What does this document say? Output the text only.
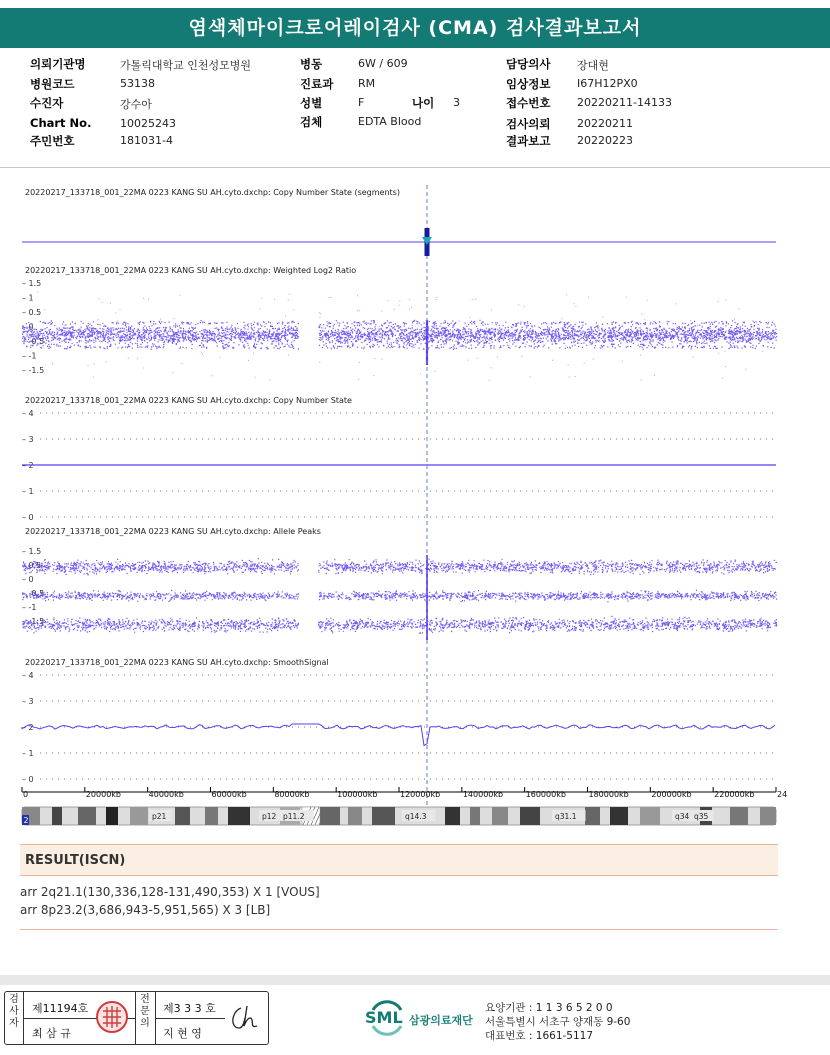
염색체마이크로어레이검사 (CMA) 검사결과보고서
의뢰기관명	가톨릭대학교 인천성모병원
병원코드	53138
수진자	강수아
Chart No.	10025243
주민번호	181031-4
병동	6W / 609
진료과 RM
성별	F	나이 3
검체	EDTA Blood
담당의사 장대현
임상정보 I67H12PX0
접수번호 20220211-14133
검사의뢰 20220211
결과보고 20220223
20220217_133718_001_22MA 0223 KANG SU AH.cyto.dxchp: Copy Number State (segments)
20220217_133718_001_22MA 0223 KANG SU AH.cyto.dxchp: Weighted Log2 Ratio
20220217_133718_001_22MA 0223 KANG SU AH.cyto.dxchp: Copy Number State
20220217_133718_001_22MA 0223 KANG SU AH.cyto.dxchp: Allele Peaks
20220217_133718_001_22MA 0223 KANG SU AH.cyto.dxchp: SmoothSignal
– 1.5
– 1
– 0.5
– 0
– -0.5
– -1
– -1.5
– 4
– 3
– 2
– 1
– 0
– 1.5
– 0.5
– 0
– -0.5
– -1
– -1.5
– 4
– 3
– 2
– 1
– 0
0	20000kb	40000kb	60000kb	80000kb	100000kb	120000kb	140000kb	160000kb	180000kb	200000kb	220000kb	24
p21	p12 p11.2	q14.3	q31.1	q34 q35
2
RESULT(ISCN)
arr 2q21.1(130,336,128-131,490,353) X 1 [VOUS]
arr 8p23.2(3,686,943-5,951,565) X 3 [LB]
검
사
자
제11194호
최 삼 규
전
문
의
제3 3 3 호
지 현 영
SML 삼광의료재단
요양기관 : 1 1 3 6 5 2 0 0
서울특별시 서초구 양재동 9-60
대표번호 : 1661-5117
